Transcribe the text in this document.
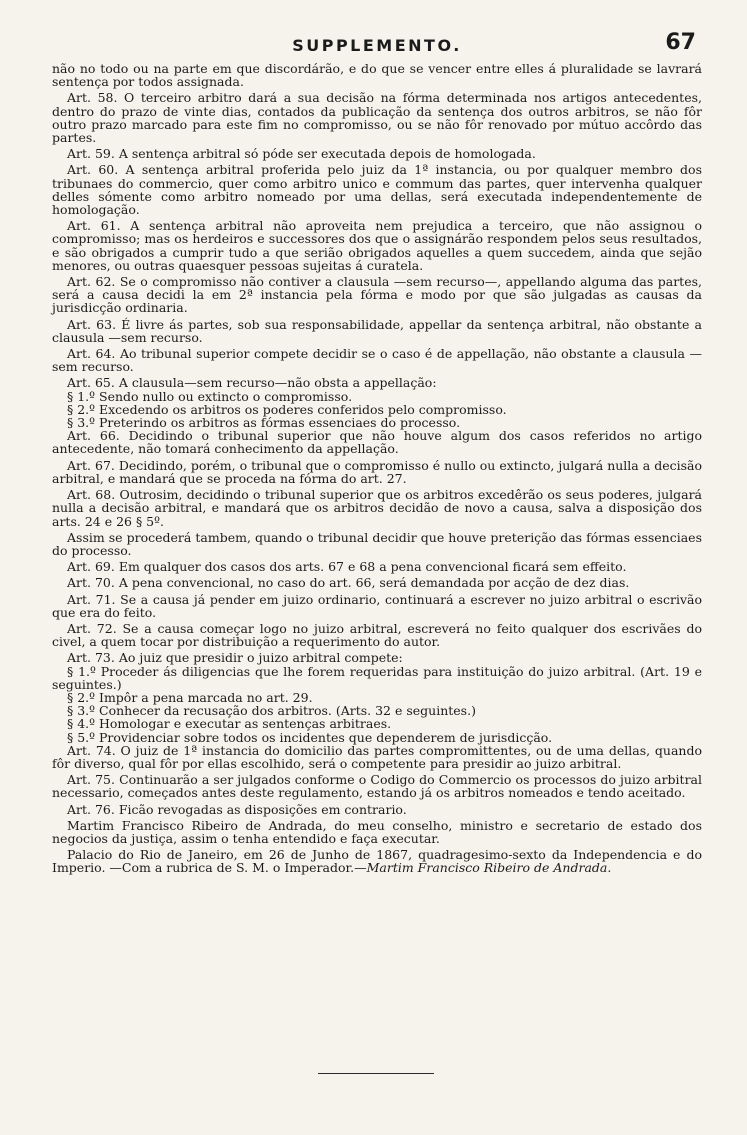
SUPPLEMENTO.	67

não no todo ou na parte em que discordárão, e do que se vencer entre elles á pluralidade se lavrará sentença por todos assignada.

Art. 58. O terceiro arbitro dará a sua decisão na fórma determinada nos artigos antecedentes, dentro do prazo de vinte dias, contados da publicação da sentença dos outros arbitros, se não fôr outro prazo marcado para este fim no compromisso, ou se não fôr renovado por mútuo accôrdo das partes.

Art. 59. A sentença arbitral só póde ser executada depois de homologada.

Art. 60. A sentença arbitral proferida pelo juiz da 1ª instancia, ou por qualquer membro dos tribunaes do commercio, quer como arbitro unico e commum das partes, quer intervenha qualquer delles sómente como arbitro nomeado por uma dellas, será executada independentemente de homologação.

Art. 61. A sentença arbitral não aproveita nem prejudica a terceiro, que não assignou o compromisso; mas os herdeiros e successores dos que o assignárão respondem pelos seus resultados, e são obrigados a cumprir tudo a que serião obrigados aquelles a quem succedem, ainda que sejão menores, ou outras quaesquer pessoas sujeitas á curatela.

Art. 62. Se o compromisso não contiver a clausula —sem recurso—, appellando alguma das partes, será a causa decidi la em 2ª instancia pela fórma e modo por que são julgadas as causas da jurisdicção ordinaria.

Art. 63. É livre ás partes, sob sua responsabilidade, appellar da sentença arbitral, não obstante a clausula —sem recurso.

Art. 64. Ao tribunal superior compete decidir se o caso é de appellação, não obstante a clausula —sem recurso.

Art. 65. A clausula—sem recurso—não obsta a appellação:

§ 1.º Sendo nullo ou extincto o compromisso.

§ 2.º Excedendo os arbitros os poderes conferidos pelo compromisso.

§ 3.º Preterindo os arbitros as fórmas essenciaes do processo.

Art. 66. Decidindo o tribunal superior que não houve algum dos casos referidos no artigo antecedente, não tomará conhecimento da appellação.

Art. 67. Decidindo, porém, o tribunal que o compromisso é nullo ou extincto, julgará nulla a decisão arbitral, e mandará que se proceda na fórma do art. 27.

Art. 68. Outrosim, decidindo o tribunal superior que os arbitros excedêrão os seus poderes, julgará nulla a decisão arbitral, e mandará que os arbitros decidão de novo a causa, salva a disposição dos arts. 24 e 26 § 5º.

Assim se procederá tambem, quando o tribunal decidir que houve preterição das fórmas essenciaes do processo.

Art. 69. Em qualquer dos casos dos arts. 67 e 68 a pena convencional ficará sem effeito.

Art. 70. A pena convencional, no caso do art. 66, será demandada por acção de dez dias.

Art. 71. Se a causa já pender em juizo ordinario, continuará a escrever no juizo arbitral o escrivão que era do feito.

Art. 72. Se a causa começar logo no juizo arbitral, escreverá no feito qualquer dos escrivães do civel, a quem tocar por distribuição a requerimento do autor.

Art. 73. Ao juiz que presidir o juizo arbitral compete:

§ 1.º Proceder ás diligencias que lhe forem requeridas para instituição do juizo arbitral. (Art. 19 e seguintes.)

§ 2.º Impôr a pena marcada no art. 29.

§ 3.º Conhecer da recusação dos arbitros. (Arts. 32 e seguintes.)

§ 4.º Homologar e executar as sentenças arbitraes.

§ 5.º Providenciar sobre todos os incidentes que dependerem de jurisdicção.

Art. 74. O juiz de 1ª instancia do domicilio das partes compromittentes, ou de uma dellas, quando fôr diverso, qual fôr por ellas escolhido, será o competente para presidir ao juizo arbitral.

Art. 75. Continuarão a ser julgados conforme o Codigo do Commercio os processos do juizo arbitral necessario, começados antes deste regulamento, estando já os arbitros nomeados e tendo aceitado.

Art. 76. Ficão revogadas as disposições em contrario.

Martim Francisco Ribeiro de Andrada, do meu conselho, ministro e secretario de estado dos negocios da justiça, assim o tenha entendido e faça executar.

Palacio do Rio de Janeiro, em 26 de Junho de 1867, quadragesimo-sexto da Independencia e do Imperio. —Com a rubrica de S. M. o Imperador.—Martim Francisco Ribeiro de Andrada.
